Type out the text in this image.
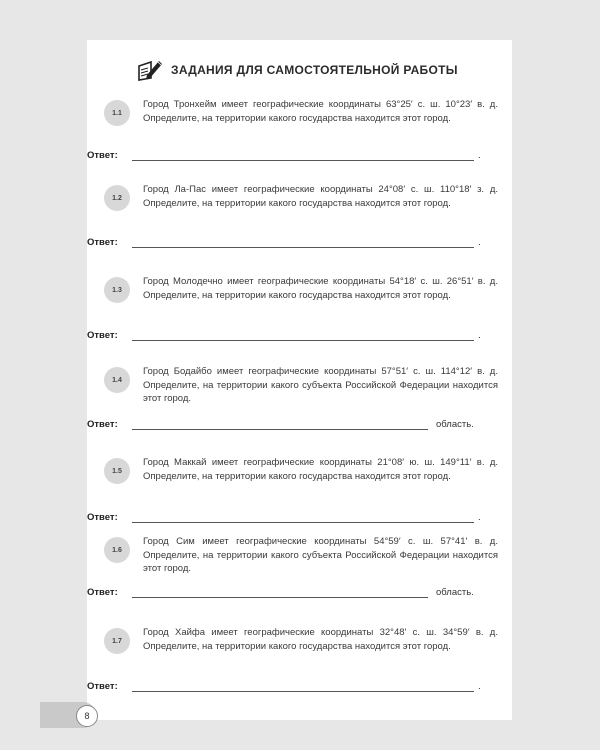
ЗАДАНИЯ ДЛЯ САМОСТОЯТЕЛЬНОЙ РАБОТЫ
1.1
Город Тронхейм имеет географические координаты 63°25′ с. ш. 10°23′ в. д. Определите, на территории какого государства находится этот город.
Ответ:	.
1.2
Город Ла-Пас имеет географические координаты 24°08′ с. ш. 110°18′ з. д. Определите, на территории какого государства находится этот город.
Ответ:	.
1.3
Город Молодечно имеет географические координаты 54°18′ с. ш. 26°51′ в. д. Определите, на территории какого государства находится этот город.
Ответ:	.
1.4
Город Бодайбо имеет географические координаты 57°51′ с. ш. 114°12′ в. д. Определите, на территории какого субъекта Российской Федерации находится этот город.
Ответ:	область.
1.5
Город Маккай имеет географические координаты 21°08′ ю. ш. 149°11′ в. д. Определите, на территории какого государства находится этот город.
Ответ:	.
1.6
Город Сим имеет географические координаты 54°59′ с. ш. 57°41′ в. д. Определите, на территории какого субъекта Российской Федерации находится этот город.
Ответ:	область.
1.7
Город Хайфа имеет географические координаты 32°48′ с. ш. 34°59′ в. д. Определите, на территории какого государства находится этот город.
Ответ:	.
8
